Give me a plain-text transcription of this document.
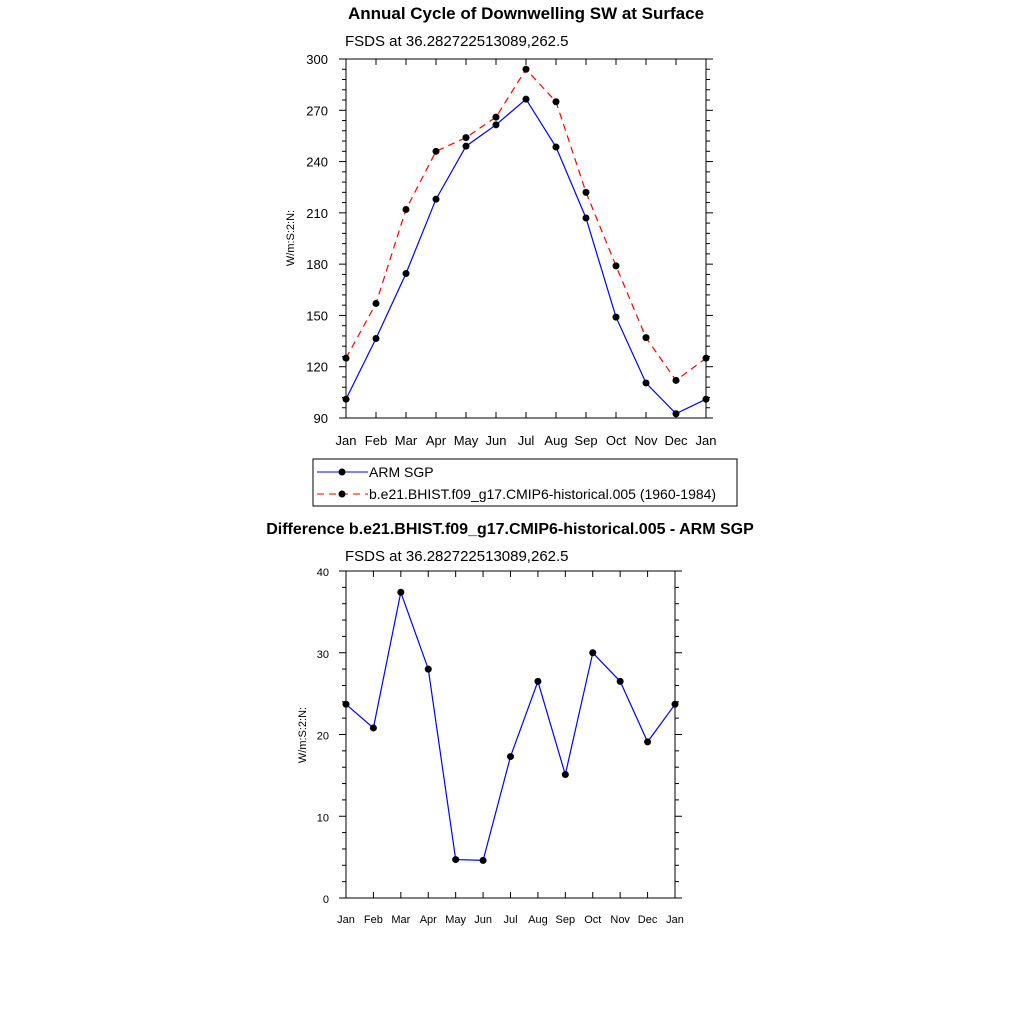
Annual Cycle of Downwelling SW at Surface
FSDS at 36.282722513089,262.5
W/m:S:2:N:
Jan Feb Mar Apr May Jun Jul Aug Sep Oct Nov Dec Jan
90
120
150
180
210
240
270
300
ARM SGP
b.e21.BHIST.f09_g17.CMIP6-historical.005 (1960-1984)
Difference b.e21.BHIST.f09_g17.CMIP6-historical.005 - ARM SGP
FSDS at 36.282722513089,262.5
W/m:S:2:N:
Jan Feb Mar Apr May Jun Jul Aug Sep Oct Nov Dec Jan
0
10
20
30
40
